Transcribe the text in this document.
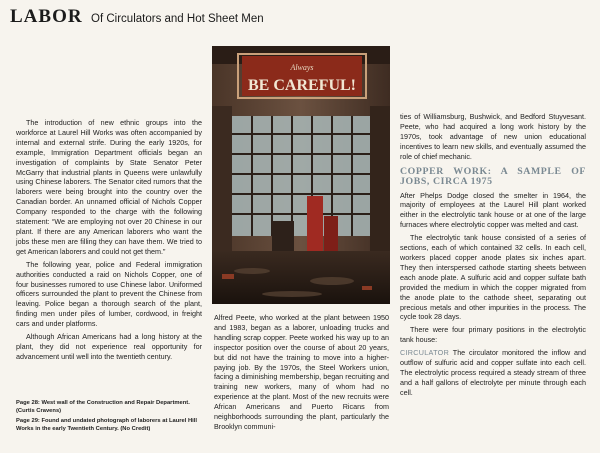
LABOR Of Circulators and Hot Sheet Men

The introduction of new ethnic groups into the workforce at Laurel Hill Works was often accompanied by internal and external strife. During the early 1920s, for example, Immigration Department officials began an investigation of complaints by State Senator Peter McGarry that industrial plants in Queens were unlawfully using Chinese laborers. The Senator cited rumors that the laborers were being brought into the country over the Canadian border. An unnamed official of Nichols Copper Company responded to the charge with the following statement: “We are employing not over 20 Chinese in our plant. If there are any American laborers who want the jobs these men are filling they can have them. We tried to get American laborers and could not get them.”

The following year, police and Federal immigration authorities conducted a raid on Nichols Copper, one of four businesses rumored to use Chinese labor. Uniformed officers surrounded the plant to prevent the Chinese from leaving. Police began a thorough search of the plant, finding men under piles of lumber, cordwood, in freight cars and under platforms.

Although African Americans had a long history at the plant, they did not experience real opportunity for advancement until well into the twentieth century.

Page 28: West wall of the Construction and Repair Department. (Curtis Cravens)
Page 29: Found and undated photograph of laborers at Laurel Hill Works in the early Twentieth Century. (No Credit)
Always
BE CAREFUL!

Alfred Peete, who worked at the plant between 1950 and 1983, began as a laborer, unloading trucks and handling scrap copper. Peete worked his way up to an inspector position over the course of about 20 years, but did not have the training to move into a higher-paying job. By the 1970s, the Steel Workers union, facing a diminishing membership, began recruiting and training new workers, many of whom had no experience at the plant. Most of the new recruits were African Americans and Puerto Ricans from neighborhoods surrounding the plant, particularly the Brooklyn communi-

ties of Williamsburg, Bushwick, and Bedford Stuyvesant. Peete, who had acquired a long work history by the 1970s, took advantage of new union educational incentives to learn new skills, and eventually assumed the role of chief mechanic.

COPPER WORK: A SAMPLE OF JOBS, CIRCA 1975

After Phelps Dodge closed the smelter in 1964, the majority of employees at the Laurel Hill plant worked either in the electrolytic tank house or at one of the large furnaces where electrolytic copper was melted and cast.

The electrolytic tank house consisted of a series of sections, each of which contained 32 cells. In each cell, workers placed copper anode plates six inches apart. They then interspersed cathode starting sheets between each anode plate. A sulfuric acid and copper sulfate bath provided the medium in which the copper migrated from the anode plate to the cathode sheet, separating out precious metals and other impurities in the process. The cycle took 28 days.

There were four primary positions in the electrolytic tank house:

CIRCULATOR The circulator monitored the inflow and outflow of sulfuric acid and copper sulfate into each cell. The electrolytic process required a steady stream of three and a half gallons of electrolyte per minute through each cell.
